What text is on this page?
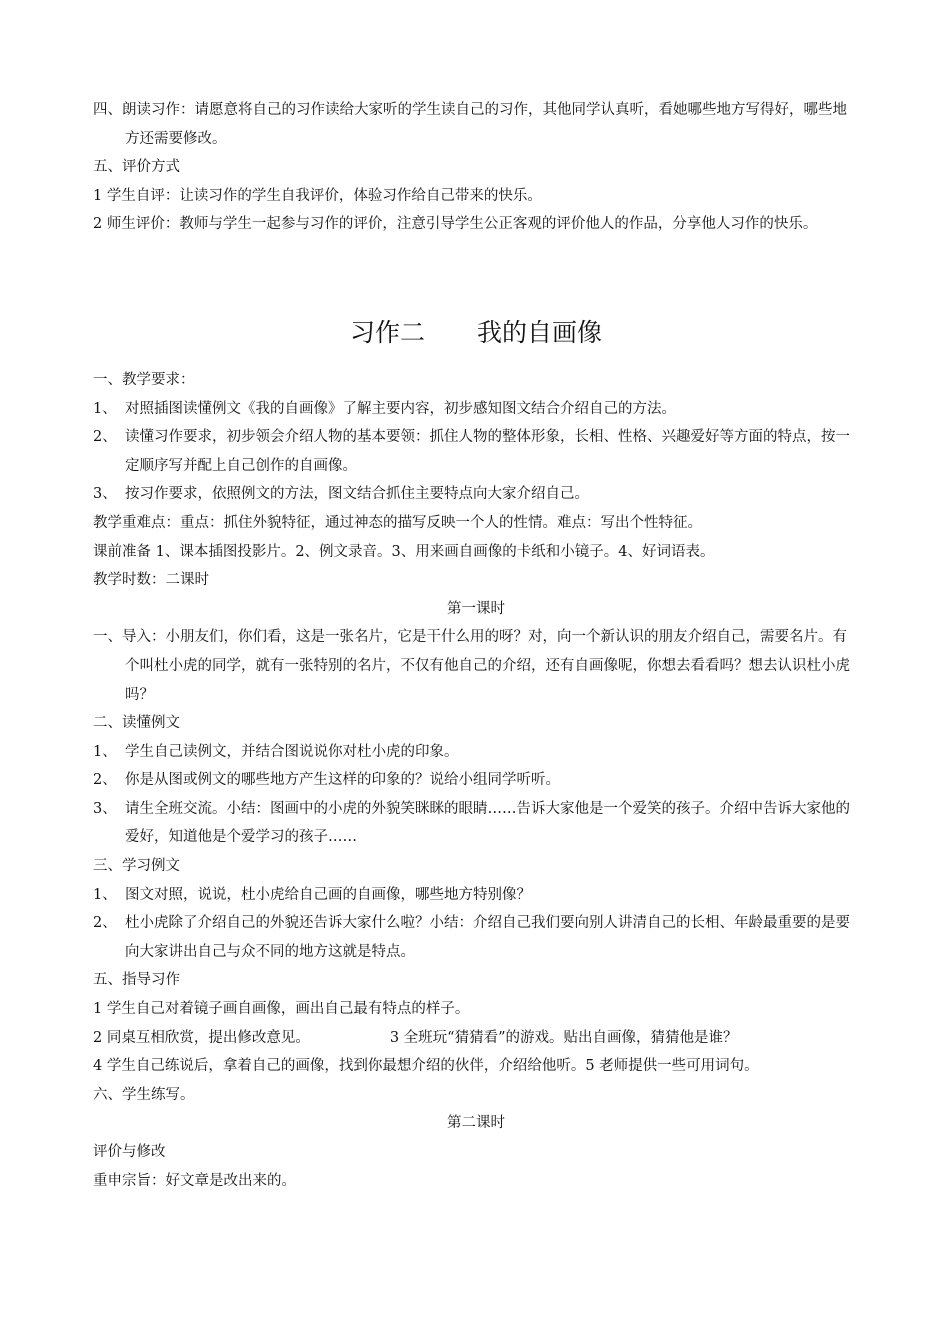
四、朗读习作：请愿意将自己的习作读给大家听的学生读自己的习作，其他同学认真听，看她哪些地方写得好，哪些地方还需要修改。
五、评价方式
1 学生自评：让读习作的学生自我评价，体验习作给自己带来的快乐。
2 师生评价：教师与学生一起参与习作的评价，注意引导学生公正客观的评价他人的作品，分享他人习作的快乐。
习作二 我的自画像
一、教学要求：
1、 对照插图读懂例文《我的自画像》了解主要内容，初步感知图文结合介绍自己的方法。
2、 读懂习作要求，初步领会介绍人物的基本要领：抓住人物的整体形象，长相、性格、兴趣爱好等方面的特点，按一定顺序写并配上自己创作的自画像。
3、 按习作要求，依照例文的方法，图文结合抓住主要特点向大家介绍自己。
教学重难点：重点：抓住外貌特征，通过神态的描写反映一个人的性情。难点：写出个性特征。
课前准备 1、课本插图投影片。2、例文录音。3、用来画自画像的卡纸和小镜子。4、好词语表。
教学时数：二课时
第一课时
一、导入：小朋友们，你们看，这是一张名片，它是干什么用的呀？对，向一个新认识的朋友介绍自己，需要名片。有个叫杜小虎的同学，就有一张特别的名片，不仅有他自己的介绍，还有自画像呢，你想去看看吗？想去认识杜小虎吗？
二、读懂例文
1、 学生自己读例文，并结合图说说你对杜小虎的印象。
2、 你是从图或例文的哪些地方产生这样的印象的？说给小组同学听听。
3、 请生全班交流。小结：图画中的小虎的外貌笑眯眯的眼睛……告诉大家他是一个爱笑的孩子。介绍中告诉大家他的爱好，知道他是个爱学习的孩子……
三、学习例文
1、 图文对照，说说，杜小虎给自己画的自画像，哪些地方特别像？
2、 杜小虎除了介绍自己的外貌还告诉大家什么啦？小结：介绍自己我们要向别人讲清自己的长相、年龄最重要的是要向大家讲出自己与众不同的地方这就是特点。
五、指导习作
1 学生自己对着镜子画自画像，画出自己最有特点的样子。
2 同桌互相欣赏，提出修改意见。	3 全班玩“猜猜看”的游戏。贴出自画像，猜猜他是谁？
4 学生自己练说后，拿着自己的画像，找到你最想介绍的伙伴，介绍给他听。5 老师提供一些可用词句。
六、学生练写。
第二课时
评价与修改
重申宗旨：好文章是改出来的。
